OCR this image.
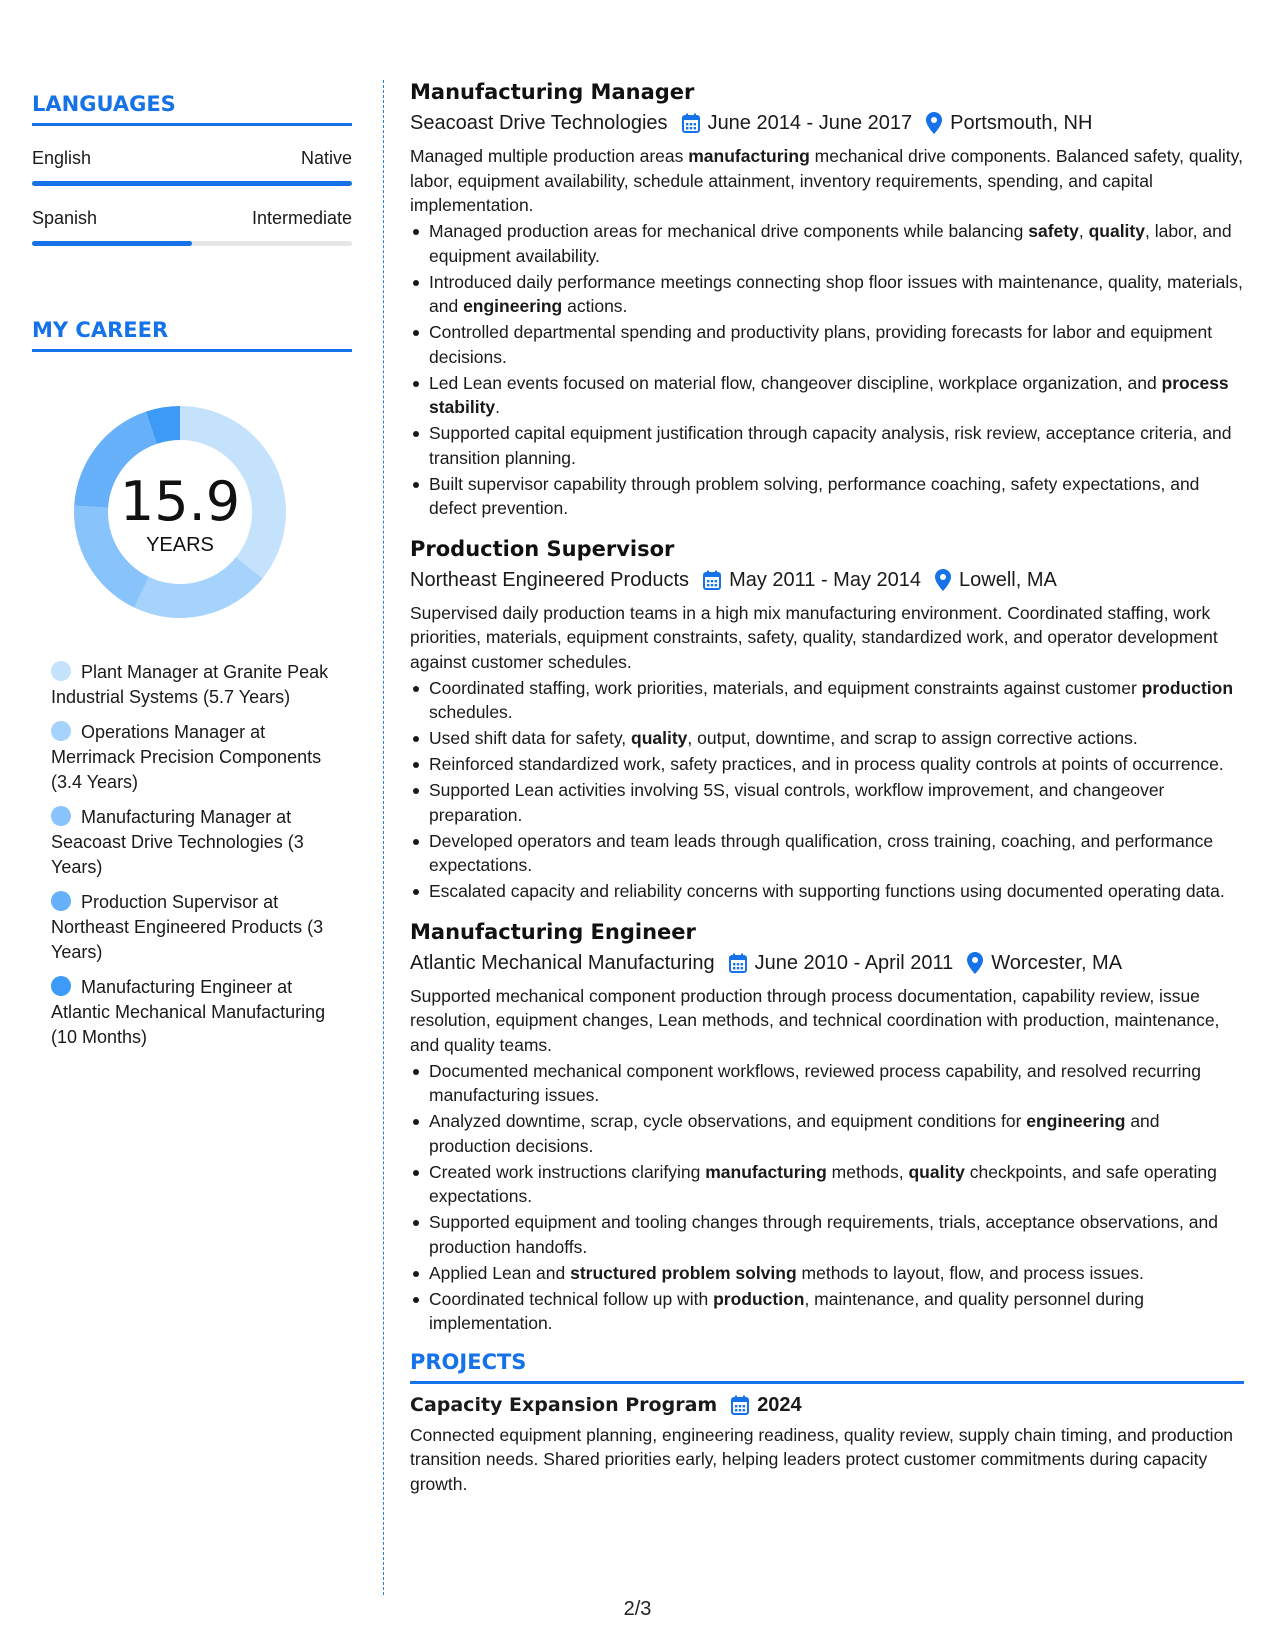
LANGUAGES
English	Native
Spanish	Intermediate
MY CAREER
15.9
YEARS
Plant Manager at Granite Peak Industrial Systems (5.7 Years)
Operations Manager at Merrimack Precision Components (3.4 Years)
Manufacturing Manager at Seacoast Drive Technologies (3 Years)
Production Supervisor at Northeast Engineered Products (3 Years)
Manufacturing Engineer at Atlantic Mechanical Manufacturing (10 Months)
Manufacturing Manager
Seacoast Drive Technologies June 2014 - June 2017 Portsmouth, NH
Managed multiple production areas manufacturing mechanical drive components. Balanced safety, quality, labor, equipment availability, schedule attainment, inventory requirements, spending, and capital implementation.
Managed production areas for mechanical drive components while balancing safety, quality, labor, and equipment availability.
Introduced daily performance meetings connecting shop floor issues with maintenance, quality, materials, and engineering actions.
Controlled departmental spending and productivity plans, providing forecasts for labor and equipment decisions.
Led Lean events focused on material flow, changeover discipline, workplace organization, and process stability.
Supported capital equipment justification through capacity analysis, risk review, acceptance criteria, and transition planning.
Built supervisor capability through problem solving, performance coaching, safety expectations, and defect prevention.
Production Supervisor
Northeast Engineered Products May 2011 - May 2014 Lowell, MA
Supervised daily production teams in a high mix manufacturing environment. Coordinated staffing, work priorities, materials, equipment constraints, safety, quality, standardized work, and operator development against customer schedules.
Coordinated staffing, work priorities, materials, and equipment constraints against customer production schedules.
Used shift data for safety, quality, output, downtime, and scrap to assign corrective actions.
Reinforced standardized work, safety practices, and in process quality controls at points of occurrence.
Supported Lean activities involving 5S, visual controls, workflow improvement, and changeover preparation.
Developed operators and team leads through qualification, cross training, coaching, and performance expectations.
Escalated capacity and reliability concerns with supporting functions using documented operating data.
Manufacturing Engineer
Atlantic Mechanical Manufacturing June 2010 - April 2011 Worcester, MA
Supported mechanical component production through process documentation, capability review, issue resolution, equipment changes, Lean methods, and technical coordination with production, maintenance, and quality teams.
Documented mechanical component workflows, reviewed process capability, and resolved recurring manufacturing issues.
Analyzed downtime, scrap, cycle observations, and equipment conditions for engineering and production decisions.
Created work instructions clarifying manufacturing methods, quality checkpoints, and safe operating expectations.
Supported equipment and tooling changes through requirements, trials, acceptance observations, and production handoffs.
Applied Lean and structured problem solving methods to layout, flow, and process issues.
Coordinated technical follow up with production, maintenance, and quality personnel during implementation.
PROJECTS
Capacity Expansion Program 2024
Connected equipment planning, engineering readiness, quality review, supply chain timing, and production transition needs. Shared priorities early, helping leaders protect customer commitments during capacity growth.
2/3
